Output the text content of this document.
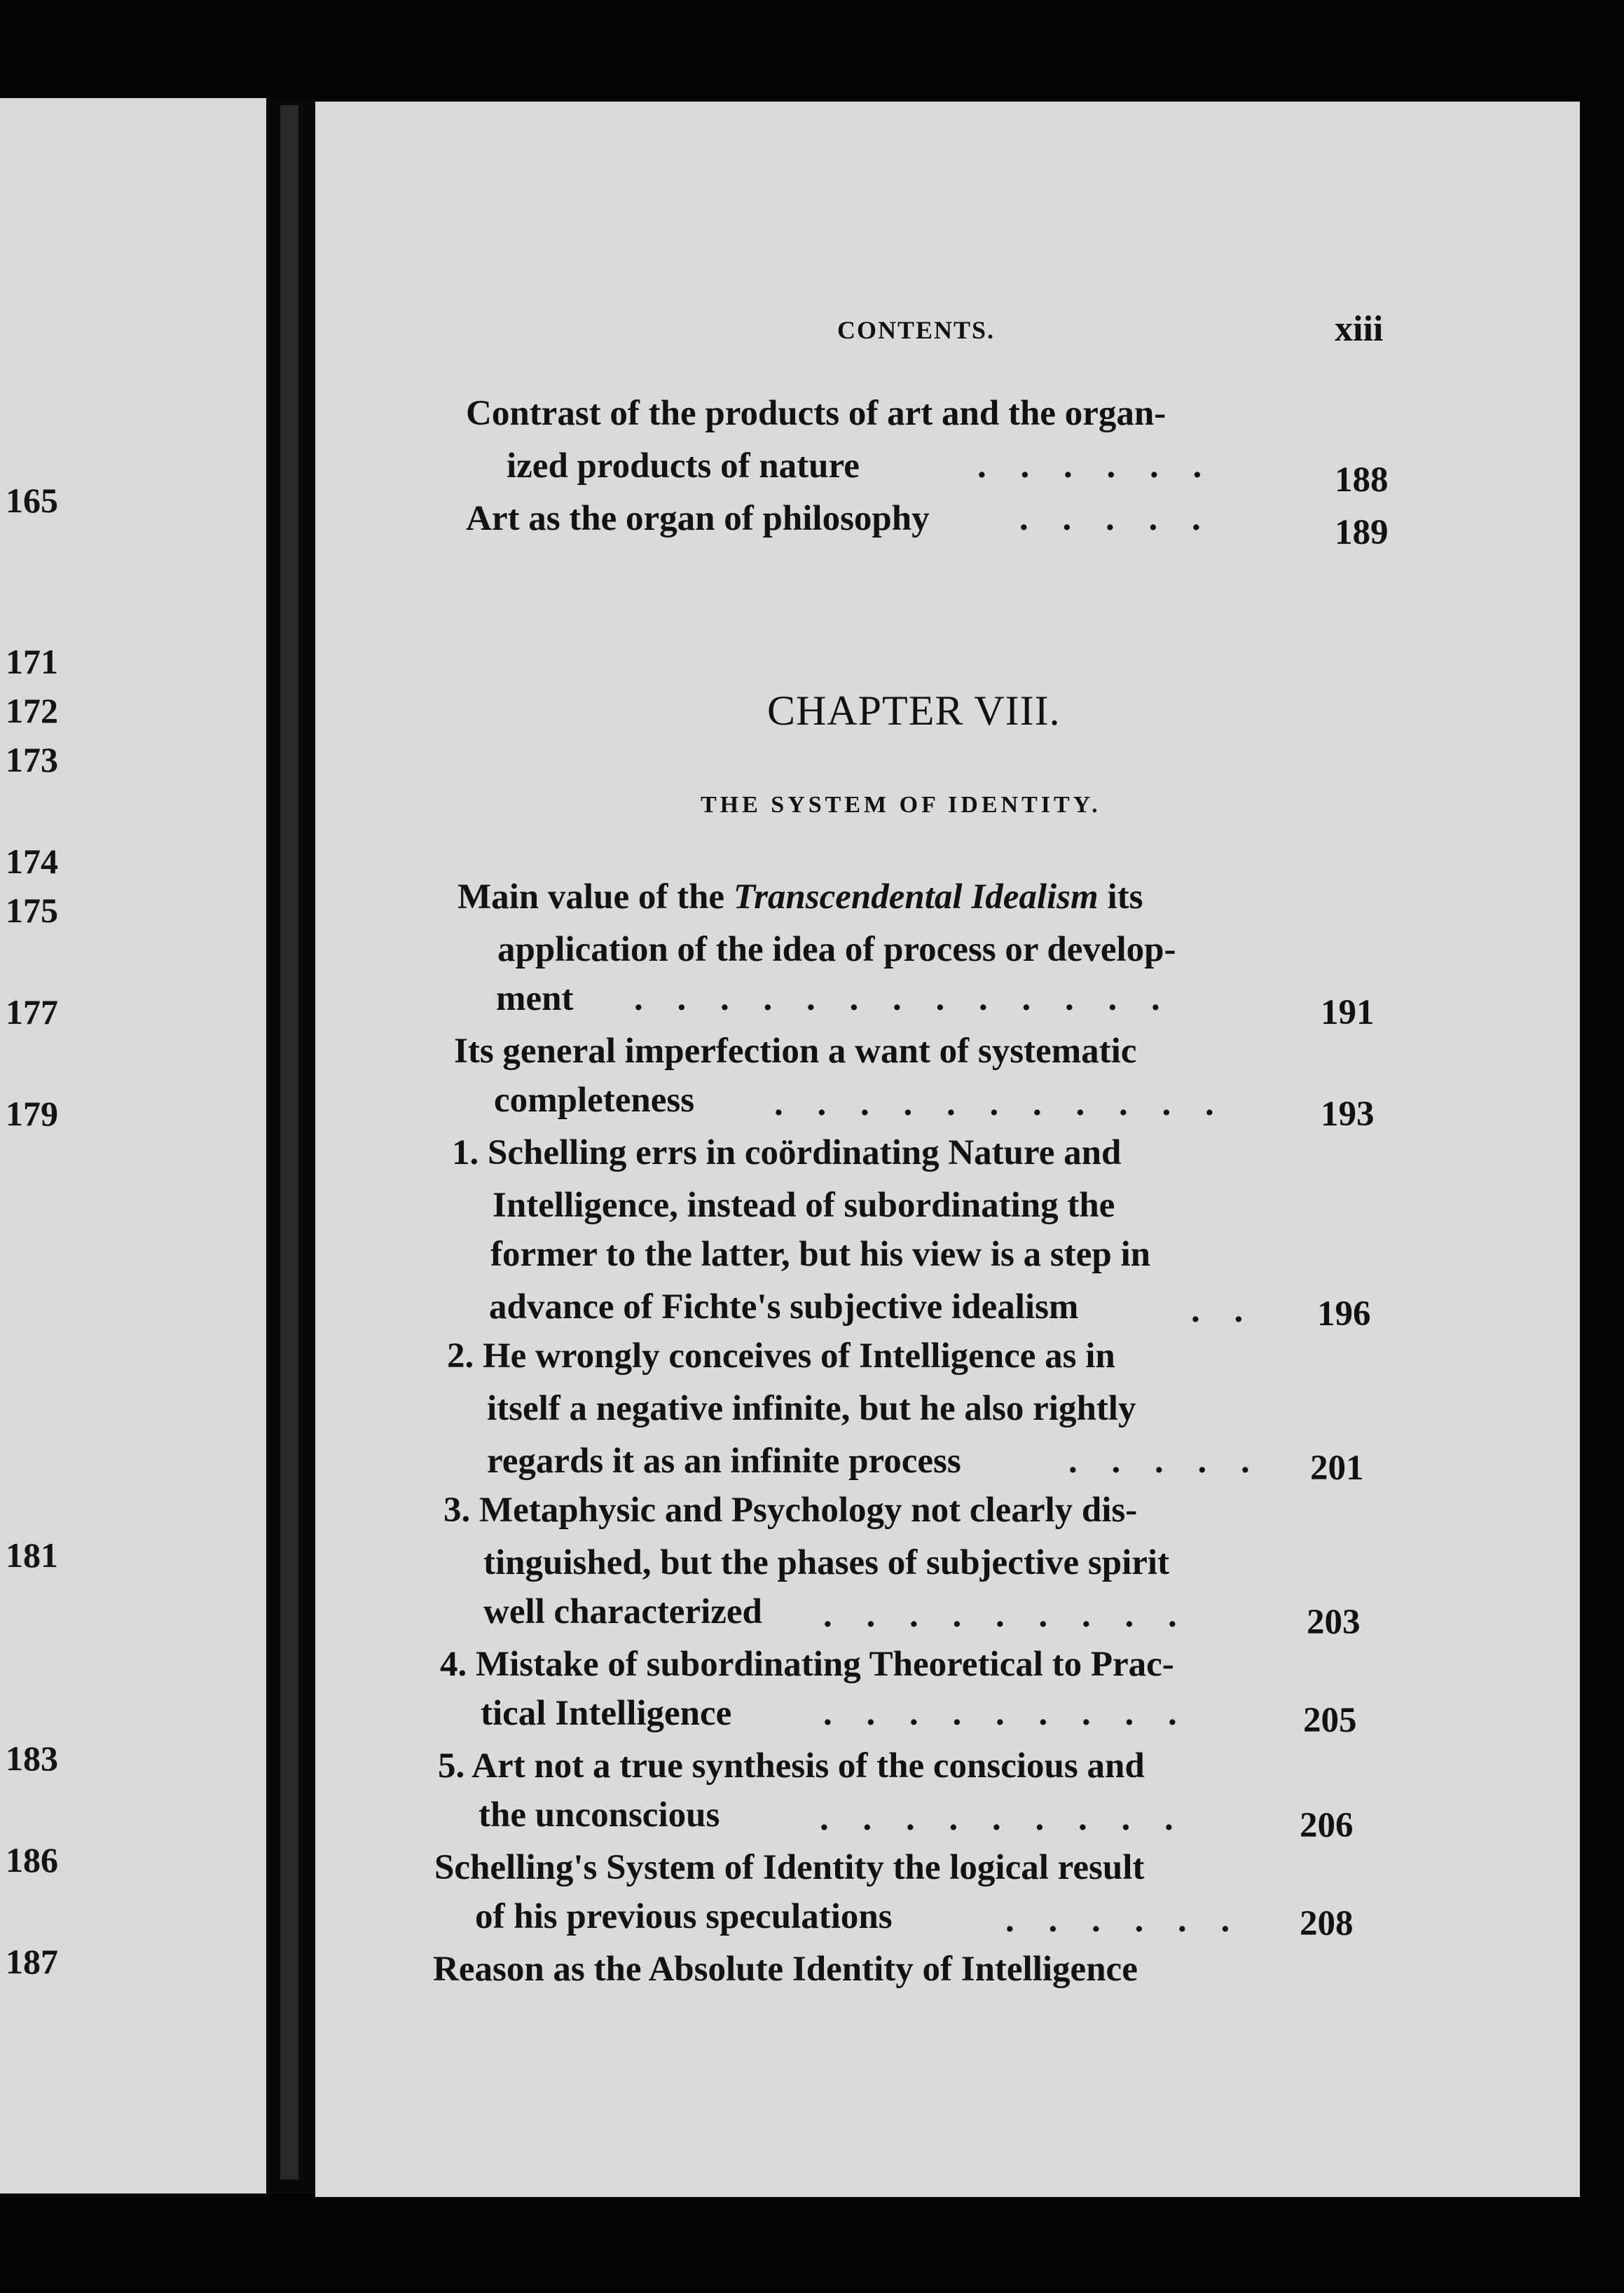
165
171
172
173
174
175
177
179
181
183
186
187
CONTENTS.	xiii
Contrast of the products of art and the organ-
ized products of nature	. . . . . .	188
Art as the organ of philosophy	. . . . .	189
CHAPTER VIII.
THE SYSTEM OF IDENTITY.
Main value of the Transcendental Idealism its
application of the idea of process or develop-
ment . . . . . . . . . . . . .	191
Its general imperfection a want of systematic
completeness . . . . . . . . . . .	193
1. Schelling errs in coördinating Nature and
Intelligence, instead of subordinating the
former to the latter, but his view is a step in
advance of Fichte's subjective idealism	. . 196
2. He wrongly conceives of Intelligence as in
itself a negative infinite, but he also rightly
regards it as an infinite process	. . . . . 201
3. Metaphysic and Psychology not clearly dis-
tinguished, but the phases of subjective spirit
well characterized . . . . . . . . .	203
4. Mistake of subordinating Theoretical to Prac-
tical Intelligence	. . . . . . . . .	205
5. Art not a true synthesis of the conscious and
the unconscious	. . . . . . . . .	206
Schelling's System of Identity the logical result
of his previous speculations	. . . . . . 208
Reason as the Absolute Identity of Intelligence
